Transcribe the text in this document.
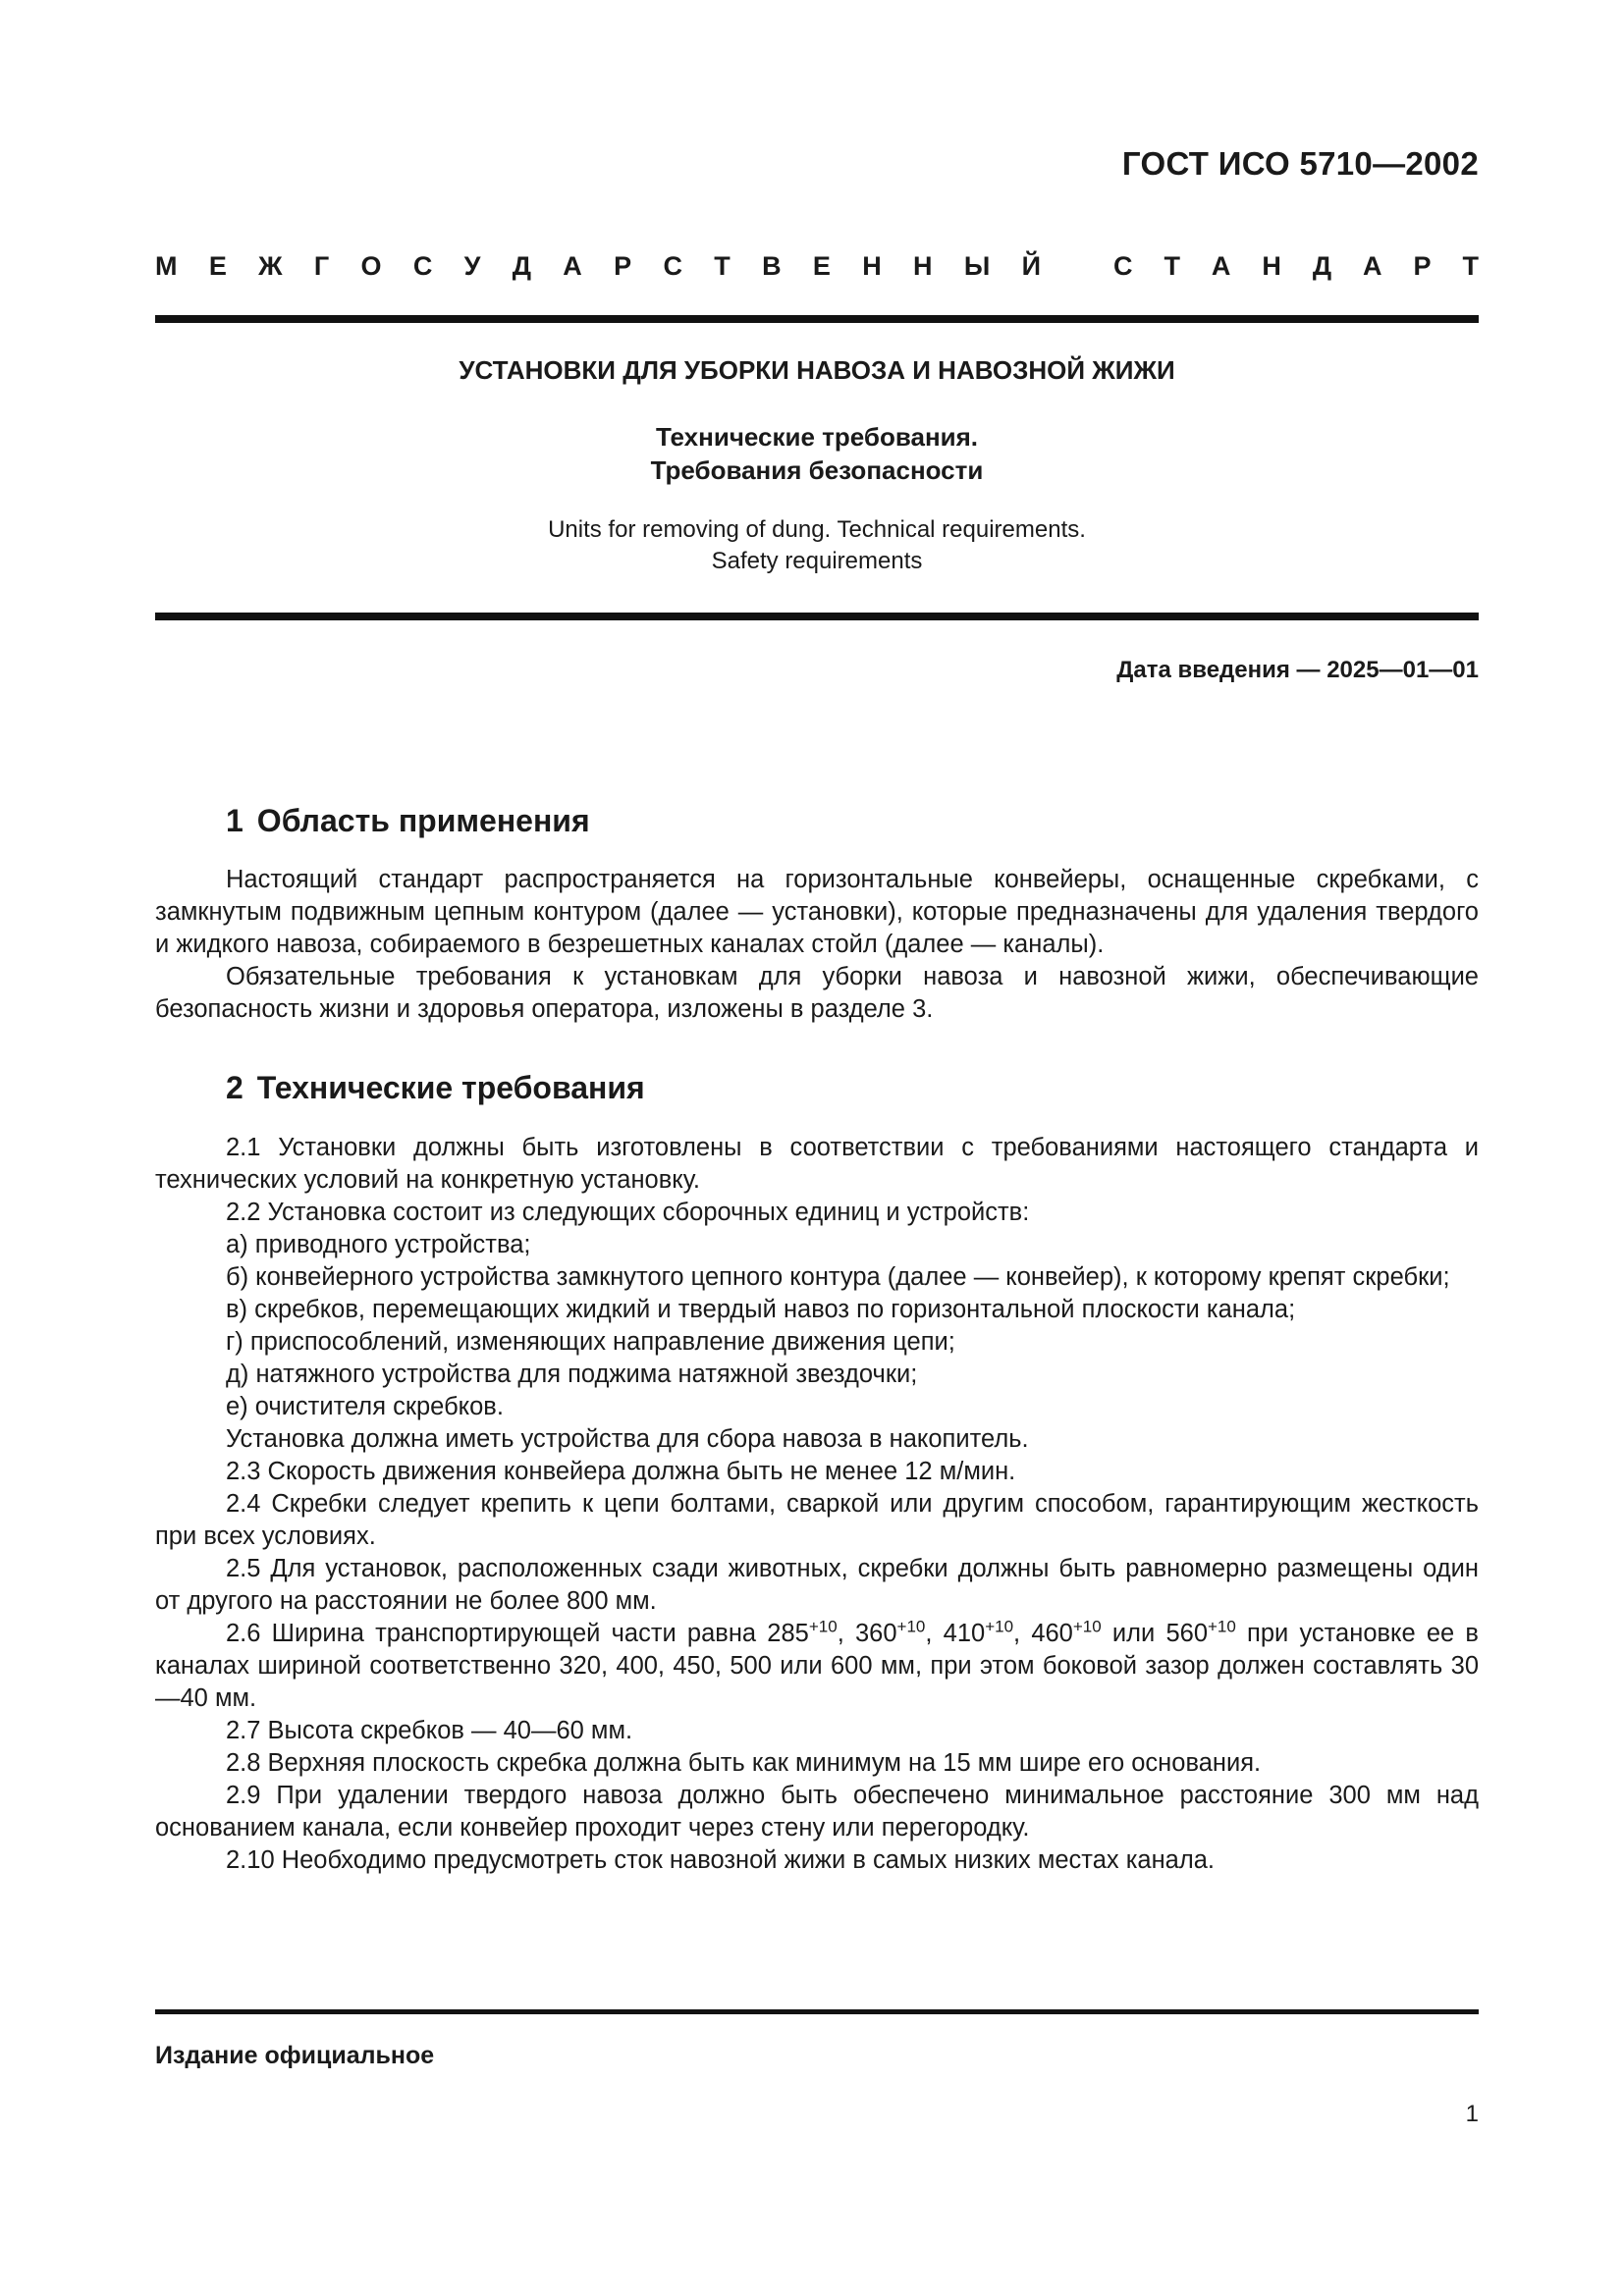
ГОСТ ИСО 5710—2002
М Е Ж Г О С У Д А Р С Т В Е Н Н Ы Й	С Т А Н Д А Р Т
УСТАНОВКИ ДЛЯ УБОРКИ НАВОЗА И НАВОЗНОЙ ЖИЖИ
Технические требования.
Требования безопасности
Units for removing of dung. Technical requirements.
Safety requirements
Дата введения — 2025—01—01
1 Область применения

Настоящий стандарт распространяется на горизонтальные конвейеры, оснащенные скребками, с замкнутым подвижным цепным контуром (далее — установки), которые предназначены для удаления твердого и жидкого навоза, собираемого в безрешетных каналах стойл (далее — каналы).

Обязательные требования к установкам для уборки навоза и навозной жижи, обеспечивающие безопасность жизни и здоровья оператора, изложены в разделе 3.

2 Технические требования

2.1 Установки должны быть изготовлены в соответствии с требованиями настоящего стандарта и технических условий на конкретную установку.

2.2 Установка состоит из следующих сборочных единиц и устройств:

а) приводного устройства;

б) конвейерного устройства замкнутого цепного контура (далее — конвейер), к которому крепят скребки;

в) скребков, перемещающих жидкий и твердый навоз по горизонтальной плоскости канала;

г) приспособлений, изменяющих направление движения цепи;

д) натяжного устройства для поджима натяжной звездочки;

е) очистителя скребков.

Установка должна иметь устройства для сбора навоза в накопитель.

2.3 Скорость движения конвейера должна быть не менее 12 м/мин.

2.4 Скребки следует крепить к цепи болтами, сваркой или другим способом, гарантирующим жесткость при всех условиях.

2.5 Для установок, расположенных сзади животных, скребки должны быть равномерно размещены один от другого на расстоянии не более 800 мм.

2.6 Ширина транспортирующей части равна $285^{+10}$, $360^{+10}$, $410^{+10}$, $460^{+10}$ или $560^{+10}$ при установке ее в каналах шириной соответственно 320, 400, 450, 500 или 600 мм, при этом боковой зазор должен составлять 30—40 мм.

2.7 Высота скребков — 40—60 мм.

2.8 Верхняя плоскость скребка должна быть как минимум на 15 мм шире его основания.

2.9 При удалении твердого навоза должно быть обеспечено минимальное расстояние 300 мм над основанием канала, если конвейер проходит через стену или перегородку.

2.10 Необходимо предусмотреть сток навозной жижи в самых низких местах канала.

Издание официальное
1
